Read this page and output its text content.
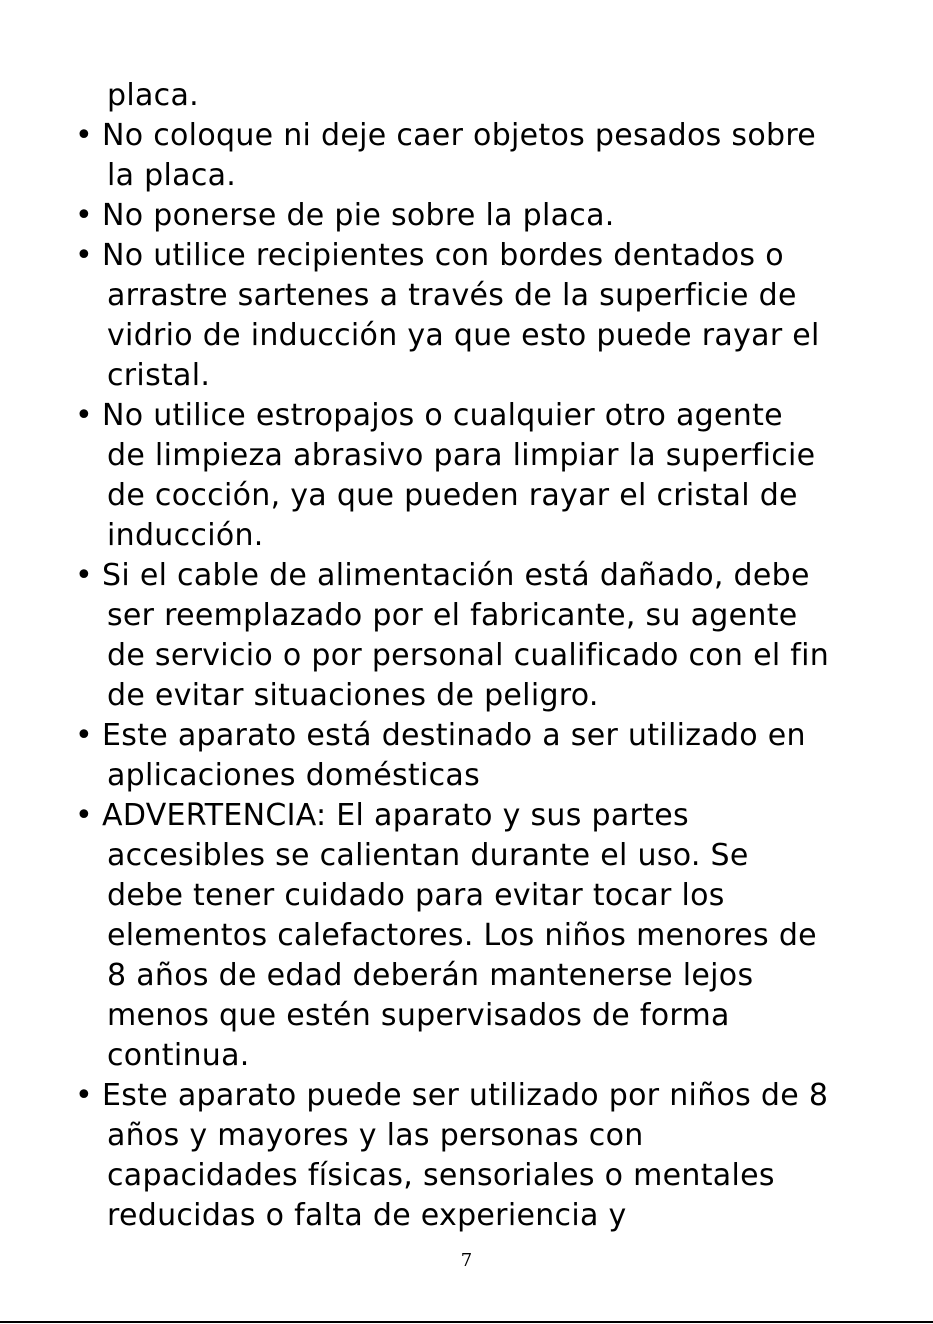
placa.
• No coloque ni deje caer objetos pesados sobre
la placa.
• No ponerse de pie sobre la placa.
• No utilice recipientes con bordes dentados o
arrastre sartenes a través de la superficie de
vidrio de inducción ya que esto puede rayar el
cristal.
• No utilice estropajos o cualquier otro agente
de limpieza abrasivo para limpiar la superficie
de cocción, ya que pueden rayar el cristal de
inducción.
• Si el cable de alimentación está dañado, debe
ser reemplazado por el fabricante, su agente
de servicio o por personal cualificado con el fin
de evitar situaciones de peligro.
• Este aparato está destinado a ser utilizado en
aplicaciones domésticas
• ADVERTENCIA: El aparato y sus partes
accesibles se calientan durante el uso. Se
debe tener cuidado para evitar tocar los
elementos calefactores. Los niños menores de
8 años de edad deberán mantenerse lejos
menos que estén supervisados de forma
continua.
• Este aparato puede ser utilizado por niños de 8
años y mayores y las personas con
capacidades físicas, sensoriales o mentales
reducidas o falta de experiencia y
7
